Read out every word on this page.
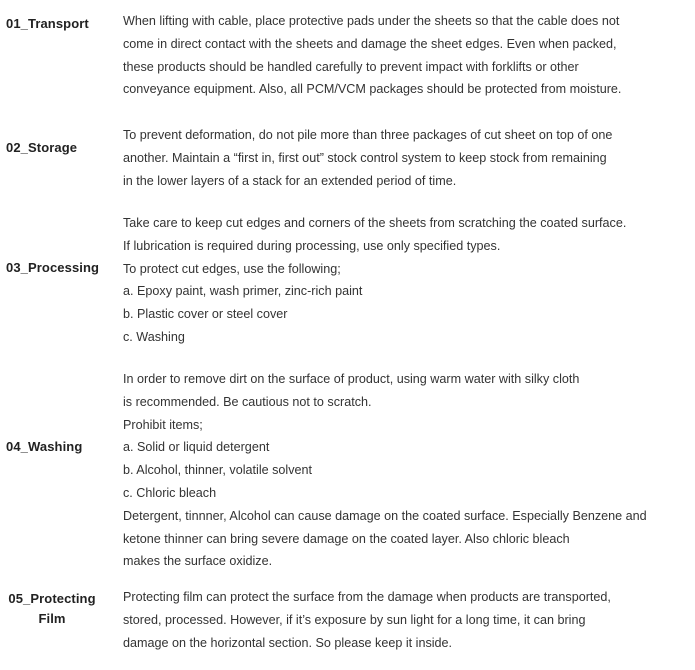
01_Transport	When lifting with cable, place protective pads under the sheets so that the cable does not
come in direct contact with the sheets and damage the sheet edges. Even when packed,
these products should be handled carefully to prevent impact with forklifts or other
conveyance equipment. Also, all PCM/VCM packages should be protected from moisture.
02_Storage
To prevent deformation, do not pile more than three packages of cut sheet on top of one
another. Maintain a “first in, first out” stock control system to keep stock from remaining
in the lower layers of a stack for an extended period of time.
03_Processing
Take care to keep cut edges and corners of the sheets from scratching the coated surface.
If lubrication is required during processing, use only specified types.
To protect cut edges, use the following;
a. Epoxy paint, wash primer, zinc-rich paint
b. Plastic cover or steel cover
c. Washing
04_Washing
In order to remove dirt on the surface of product, using warm water with silky cloth
is recommended. Be cautious not to scratch.
Prohibit items;
a. Solid or liquid detergent
b. Alcohol, thinner, volatile solvent
c. Chloric bleach
Detergent, tinnner, Alcohol can cause damage on the coated surface. Especially Benzene and
ketone thinner can bring severe damage on the coated layer. Also chloric bleach
makes the surface oxidize.
05_Protecting
Film
Protecting film can protect the surface from the damage when products are transported,
stored, processed. However, if it’s exposure by sun light for a long time, it can bring
damage on the horizontal section. So please keep it inside.
